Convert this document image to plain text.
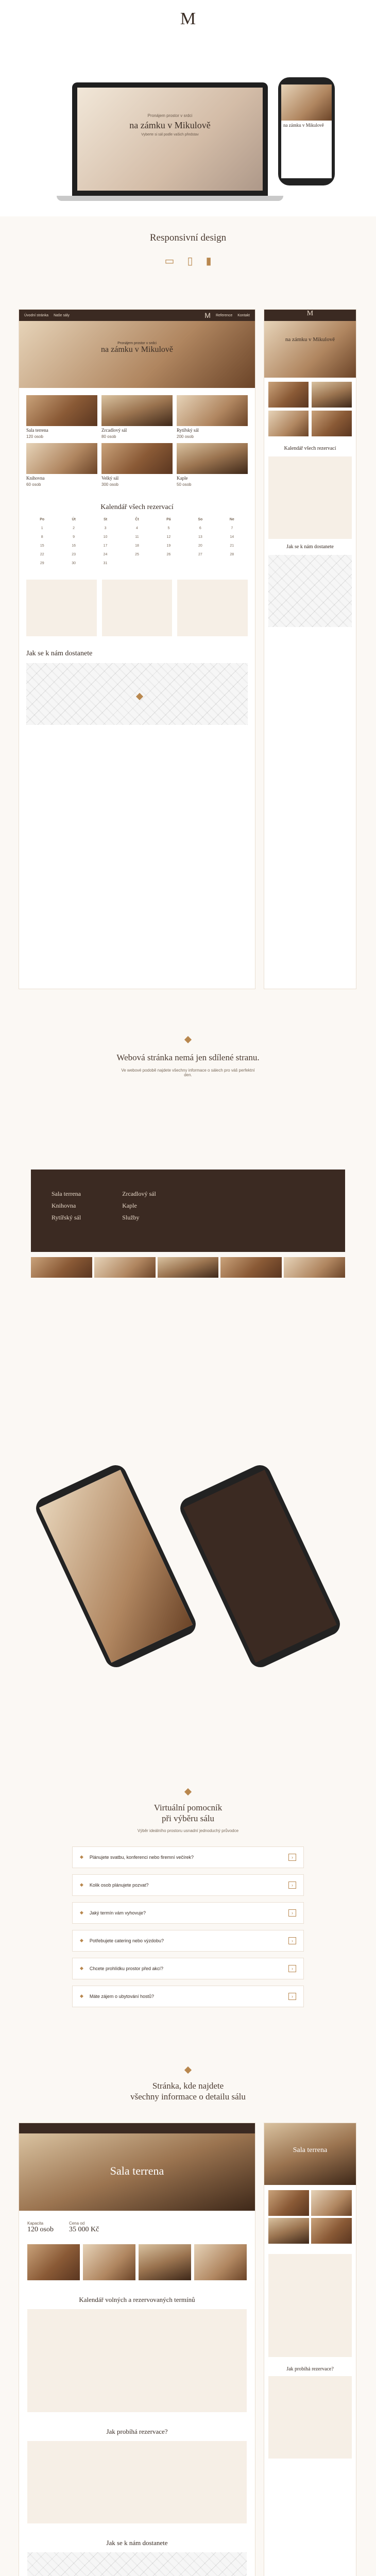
M
Pronájem prostor v srdci
na zámku v Mikulově
Vyberte si sál podle vašich představ
na zámku v Mikulově
Responsivní design
▭ ▯ ▮
Úvodní stránka Naše sály	M Reference Kontakt
Pronájem prostor v srdci
na zámku v Mikulově
Sala terrena
120 osob
Zrcadlový sál
80 osob
Rytířský sál
200 osob
Knihovna
60 osob
Velký sál
300 osob
Kaple
50 osob
Kalendář všech rezervací
Po	Út	St	Čt	Pá	So	Ne
1	2	3	4	5	6	7
8	9	10	11	12	13	14
15	16	17	18	19	20	21
22	23	24	25	26	27	28
29	30	31
Jak se k nám dostanete
M
na zámku v Mikulově
Kalendář všech rezervací
Jak se k nám dostanete
Webová stránka nemá jen sdílené stranu.
Ve webové podobě najdete všechny informace o sálech pro váš perfektní den.
Sala terrena
Knihovna
Rytířský sál
Zrcadlový sál
Kaple
Služby
Virtuální pomocník
při výběru sálu
Výběr ideálního prostoru usnadní jednoduchý průvodce
◆ Plánujete svatbu, konferenci nebo firemní večírek?	›
◆ Kolik osob plánujete pozvat?	›
◆ Jaký termín vám vyhovuje?	›
◆ Potřebujete catering nebo výzdobu?	›
◆ Chcete prohlídku prostor před akcí?	›
◆ Máte zájem o ubytování hostů?	›
Stránka, kde najdete
všechny informace o detailu sálu
Sala terrena
Kapacita
120 osob
Cena od
35 000 Kč
Kalendář volných a rezervovaných termínů
Jak probíhá rezervace?
Jak se k nám dostanete
Sala terrena
Jak probíhá rezervace?
